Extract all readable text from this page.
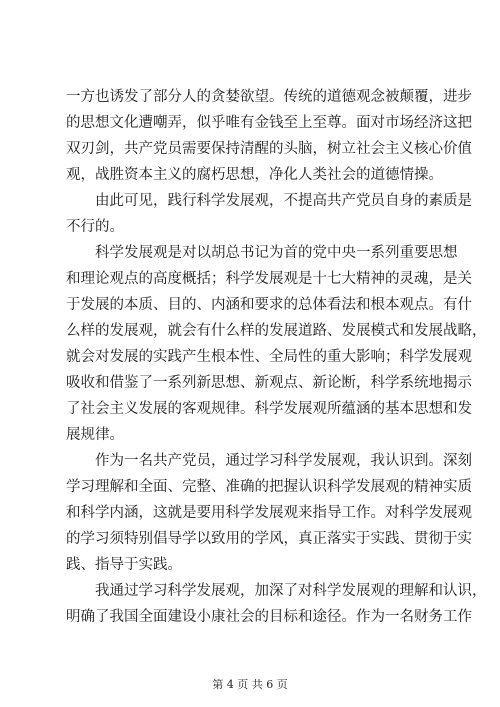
一方也诱发了部分人的贪婪欲望。传统的道德观念被颠覆，进步
的思想文化遭嘲弄，似乎唯有金钱至上至尊。面对市场经济这把
双刃剑，共产党员需要保持清醒的头脑，树立社会主义核心价值
观，战胜资本主义的腐朽思想，净化人类社会的道德情操。
由此可见，践行科学发展观，不提高共产党员自身的素质是
不行的。
科学发展观是对以胡总书记为首的党中央一系列重要思想
和理论观点的高度概括；科学发展观是十七大精神的灵魂，是关
于发展的本质、目的、内涵和要求的总体看法和根本观点。有什
么样的发展观，就会有什么样的发展道路、发展模式和发展战略，
就会对发展的实践产生根本性、全局性的重大影响；科学发展观
吸收和借鉴了一系列新思想、新观点、新论断，科学系统地揭示
了社会主义发展的客观规律。科学发展观所蕴涵的基本思想和发
展规律。
作为一名共产党员，通过学习科学发展观，我认识到。深刻
学习理解和全面、完整、准确的把握认识科学发展观的精神实质
和科学内涵，这就是要用科学发展观来指导工作。对科学发展观
的学习须特别倡导学以致用的学风，真正落实于实践、贯彻于实
践、指导于实践。
我通过学习科学发展观，加深了对科学发展观的理解和认识，
明确了我国全面建设小康社会的目标和途径。作为一名财务工作
第 4 页 共 6 页
